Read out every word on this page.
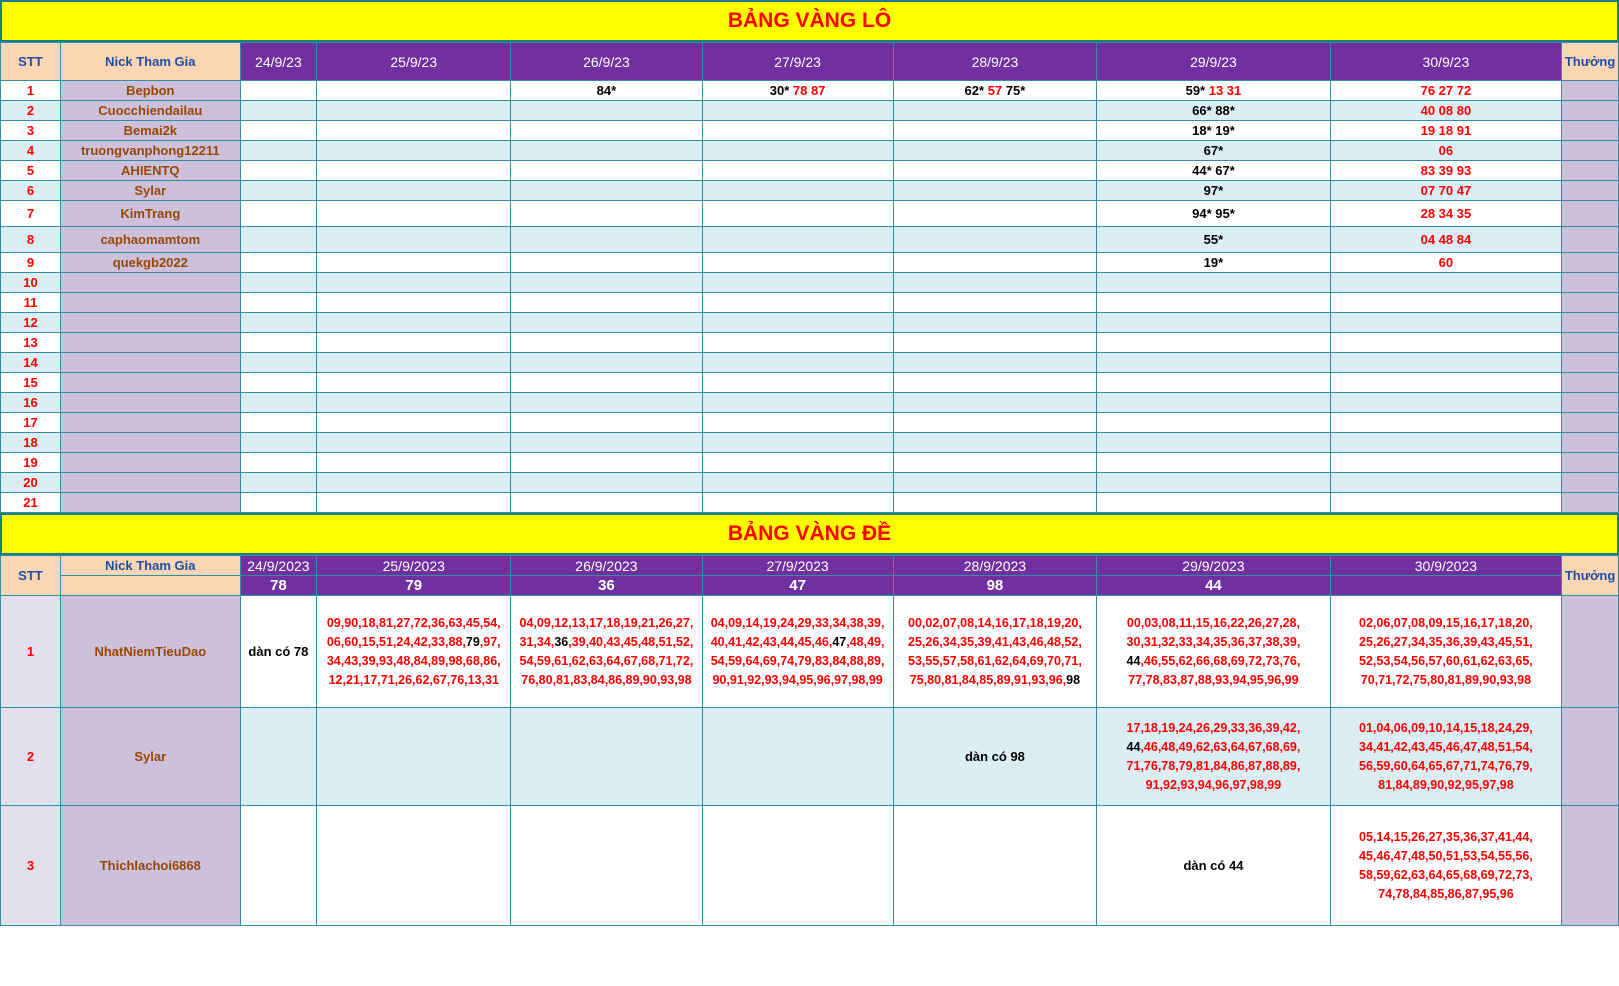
BẢNG VÀNG LÔ
STT	Nick Tham Gia	24/9/23	25/9/23	26/9/23	27/9/23	28/9/23	29/9/23	30/9/23	Thưởng
1	Bepbon			84*	30* 78 87	62* 57 75*	59* 13 31	76 27 72	
2	Cuocchiendailau						66* 88*	40 08 80	
3	Bemai2k						18* 19*	19 18 91	
4	truongvanphong12211						67*	06	
5	AHIENTQ						44* 67*	83 39 93	
6	Sylar						97*	07 70 47	
7	KimTrang						94* 95*	28 34 35	
8	caphaomamtom						55*	04 48 84	
9	quekgb2022						19*	60	
10									
11									
12									
13									
14									
15									
16									
17									
18									
19									
20									
21									
BẢNG VÀNG ĐỀ
STT	Nick Tham Gia	24/9/2023	25/9/2023	26/9/2023	27/9/2023	28/9/2023	29/9/2023	30/9/2023	Thưởng
		78	79	36	47	98	44		
1	NhatNiemTieuDao	dàn có 78	09,90,18,81,27,72,36,63,45,54, 06,60,15,51,24,42,33,88,79,97, 34,43,39,93,48,84,89,98,68,86, 12,21,17,71,26,62,67,76,13,31	04,09,12,13,17,18,19,21,26,27, 31,34,36,39,40,43,45,48,51,52, 54,59,61,62,63,64,67,68,71,72, 76,80,81,83,84,86,89,90,93,98	04,09,14,19,24,29,33,34,38,39, 40,41,42,43,44,45,46,47,48,49, 54,59,64,69,74,79,83,84,88,89, 90,91,92,93,94,95,96,97,98,99	00,02,07,08,14,16,17,18,19,20, 25,26,34,35,39,41,43,46,48,52, 53,55,57,58,61,62,64,69,70,71, 75,80,81,84,85,89,91,93,96,98	00,03,08,11,15,16,22,26,27,28, 30,31,32,33,34,35,36,37,38,39, 44,46,55,62,66,68,69,72,73,76, 77,78,83,87,88,93,94,95,96,99	02,06,07,08,09,15,16,17,18,20, 25,26,27,34,35,36,39,43,45,51, 52,53,54,56,57,60,61,62,63,65, 70,71,72,75,80,81,89,90,93,98	
2	Sylar					dàn có 98	17,18,19,24,26,29,33,36,39,42, 44,46,48,49,62,63,64,67,68,69, 71,76,78,79,81,84,86,87,88,89, 91,92,93,94,96,97,98,99	01,04,06,09,10,14,15,18,24,29, 34,41,42,43,45,46,47,48,51,54, 56,59,60,64,65,67,71,74,76,79, 81,84,89,90,92,95,97,98	
3	Thichlachoi6868						dàn có 44	05,14,15,26,27,35,36,37,41,44, 45,46,47,48,50,51,53,54,55,56, 58,59,62,63,64,65,68,69,72,73, 74,78,84,85,86,87,95,96	
